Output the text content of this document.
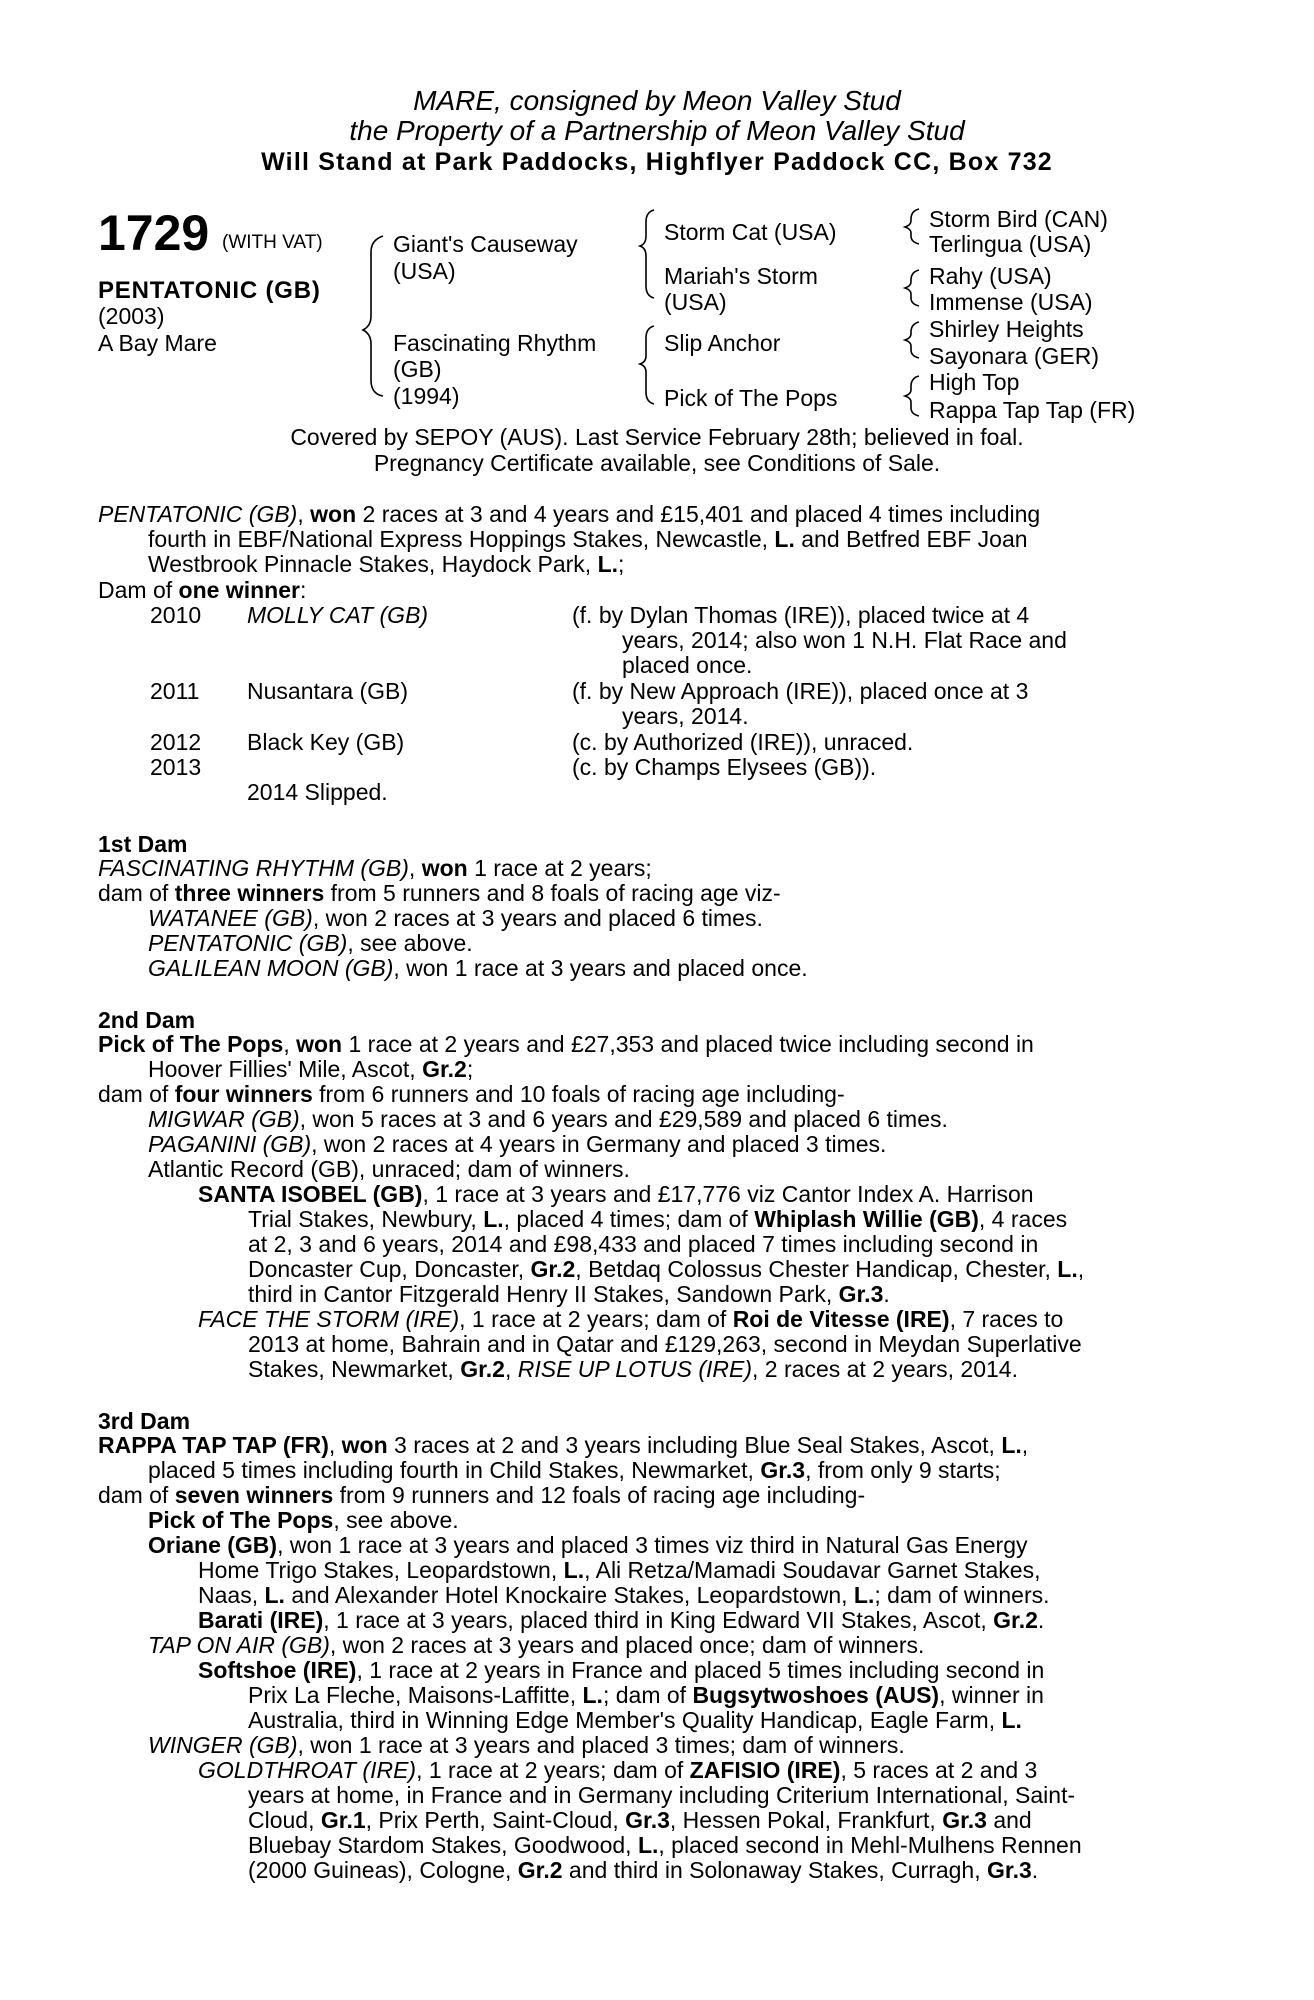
MARE, consigned by Meon Valley Stud
the Property of a Partnership of Meon Valley Stud
Will Stand at Park Paddocks, Highflyer Paddock CC, Box 732
1729 (WITH VAT)
PENTATONIC (GB)
(2003)
A Bay Mare
Giant's Causeway
(USA)
Fascinating Rhythm
(GB)
(1994)
Storm Cat (USA)
Mariah's Storm
(USA)
Slip Anchor
Pick of The Pops
Storm Bird (CAN)
Terlingua (USA)
Rahy (USA)
Immense (USA)
Shirley Heights
Sayonara (GER)
High Top
Rappa Tap Tap (FR)
Covered by SEPOY (AUS). Last Service February 28th; believed in foal.
Pregnancy Certificate available, see Conditions of Sale.
PENTATONIC (GB), won 2 races at 3 and 4 years and £15,401 and placed 4 times including
fourth in EBF/National Express Hoppings Stakes, Newcastle, L. and Betfred EBF Joan
Westbrook Pinnacle Stakes, Haydock Park, L.;
Dam of one winner:
2010 MOLLY CAT (GB)	(f. by Dylan Thomas (IRE)), placed twice at 4
years, 2014; also won 1 N.H. Flat Race and
placed once.
2011 Nusantara (GB)	(f. by New Approach (IRE)), placed once at 3
years, 2014.
2012 Black Key (GB)	(c. by Authorized (IRE)), unraced.
2013	(c. by Champs Elysees (GB)).
2014 Slipped.
1st Dam
FASCINATING RHYTHM (GB), won 1 race at 2 years;
dam of three winners from 5 runners and 8 foals of racing age viz-
WATANEE (GB), won 2 races at 3 years and placed 6 times.
PENTATONIC (GB), see above.
GALILEAN MOON (GB), won 1 race at 3 years and placed once.
2nd Dam
Pick of The Pops, won 1 race at 2 years and £27,353 and placed twice including second in
Hoover Fillies' Mile, Ascot, Gr.2;
dam of four winners from 6 runners and 10 foals of racing age including-
MIGWAR (GB), won 5 races at 3 and 6 years and £29,589 and placed 6 times.
PAGANINI (GB), won 2 races at 4 years in Germany and placed 3 times.
Atlantic Record (GB), unraced; dam of winners.
SANTA ISOBEL (GB), 1 race at 3 years and £17,776 viz Cantor Index A. Harrison
Trial Stakes, Newbury, L., placed 4 times; dam of Whiplash Willie (GB), 4 races
at 2, 3 and 6 years, 2014 and £98,433 and placed 7 times including second in
Doncaster Cup, Doncaster, Gr.2, Betdaq Colossus Chester Handicap, Chester, L.,
third in Cantor Fitzgerald Henry II Stakes, Sandown Park, Gr.3.
FACE THE STORM (IRE), 1 race at 2 years; dam of Roi de Vitesse (IRE), 7 races to
2013 at home, Bahrain and in Qatar and £129,263, second in Meydan Superlative
Stakes, Newmarket, Gr.2, RISE UP LOTUS (IRE), 2 races at 2 years, 2014.
3rd Dam
RAPPA TAP TAP (FR), won 3 races at 2 and 3 years including Blue Seal Stakes, Ascot, L.,
placed 5 times including fourth in Child Stakes, Newmarket, Gr.3, from only 9 starts;
dam of seven winners from 9 runners and 12 foals of racing age including-
Pick of The Pops, see above.
Oriane (GB), won 1 race at 3 years and placed 3 times viz third in Natural Gas Energy
Home Trigo Stakes, Leopardstown, L., Ali Retza/Mamadi Soudavar Garnet Stakes,
Naas, L. and Alexander Hotel Knockaire Stakes, Leopardstown, L.; dam of winners.
Barati (IRE), 1 race at 3 years, placed third in King Edward VII Stakes, Ascot, Gr.2.
TAP ON AIR (GB), won 2 races at 3 years and placed once; dam of winners.
Softshoe (IRE), 1 race at 2 years in France and placed 5 times including second in
Prix La Fleche, Maisons-Laffitte, L.; dam of Bugsytwoshoes (AUS), winner in
Australia, third in Winning Edge Member's Quality Handicap, Eagle Farm, L.
WINGER (GB), won 1 race at 3 years and placed 3 times; dam of winners.
GOLDTHROAT (IRE), 1 race at 2 years; dam of ZAFISIO (IRE), 5 races at 2 and 3
years at home, in France and in Germany including Criterium International, Saint-
Cloud, Gr.1, Prix Perth, Saint-Cloud, Gr.3, Hessen Pokal, Frankfurt, Gr.3 and
Bluebay Stardom Stakes, Goodwood, L., placed second in Mehl-Mulhens Rennen
(2000 Guineas), Cologne, Gr.2 and third in Solonaway Stakes, Curragh, Gr.3.
